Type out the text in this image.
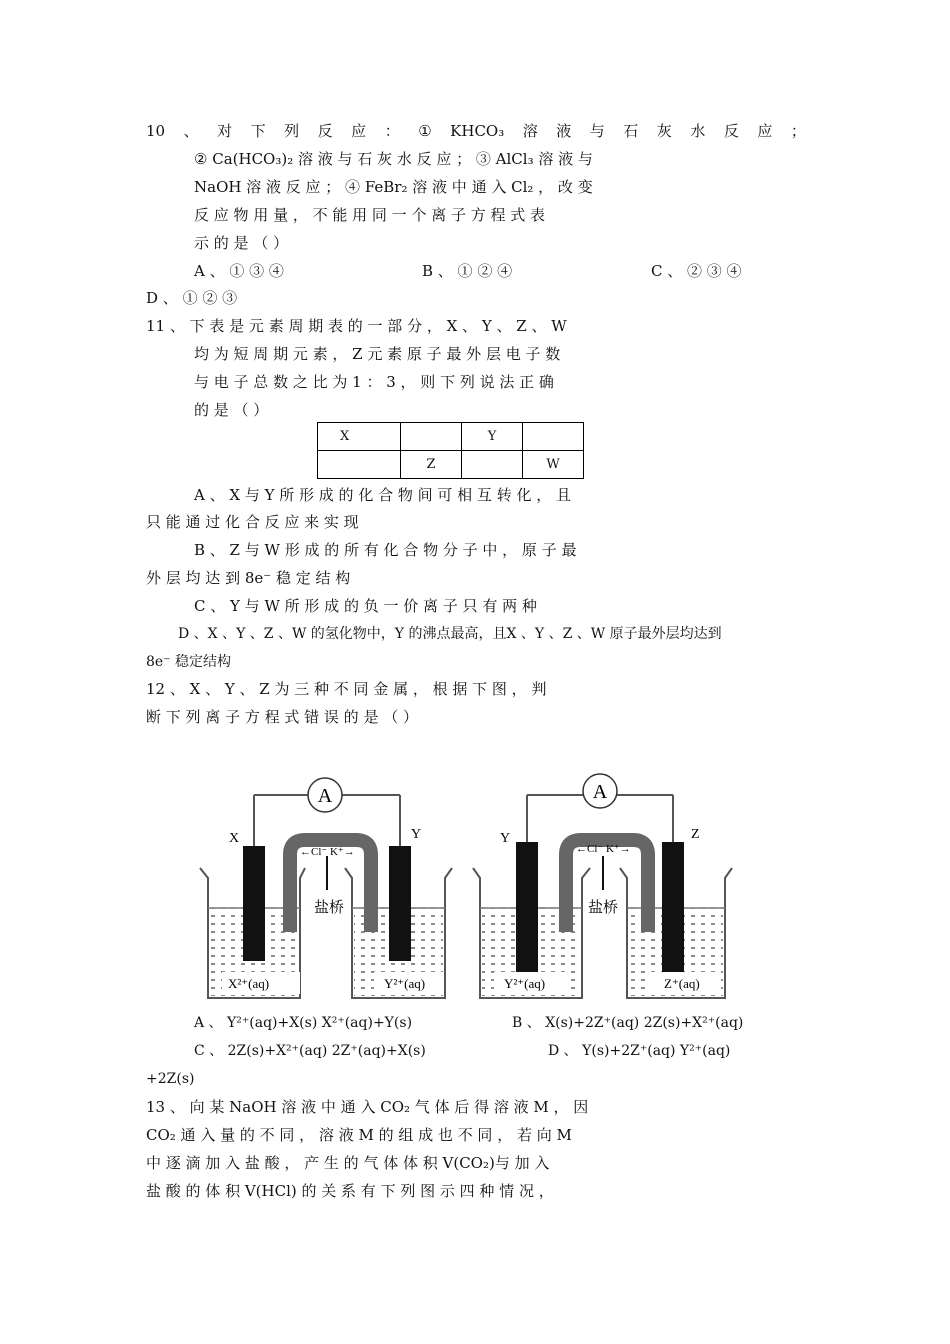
10 、 对 下 列 反 应 ： ① KHCO₃ 溶 液 与 石 灰 水 反 应 ；
② Ca(HCO₃)₂ 溶 液 与 石 灰 水 反 应 ； ③ AlCl₃ 溶 液 与
NaOH 溶 液 反 应 ； ④ FeBr₂ 溶 液 中 通 入 Cl₂ ， 改 变
反 应 物 用 量 ， 不 能 用 同 一 个 离 子 方 程 式 表
示 的 是 （ ）
A 、 ① ③ ④	B 、 ① ② ④	C 、 ② ③ ④
D 、 ① ② ③
11 、 下 表 是 元 素 周 期 表 的 一 部 分 ， X 、 Y 、 Z 、 W
均 为 短 周 期 元 素 ， Z 元 素 原 子 最 外 层 电 子 数
与 电 子 总 数 之 比 为 1 ： 3 ， 则 下 列 说 法 正 确
的 是 （ ）
X		Y	
	Z		W
A 、 X 与 Y 所 形 成 的 化 合 物 间 可 相 互 转 化 ， 且
只 能 通 过 化 合 反 应 来 实 现
B 、 Z 与 W 形 成 的 所 有 化 合 物 分 子 中 ， 原 子 最
外 层 均 达 到 8e⁻ 稳 定 结 构
C 、 Y 与 W 所 形 成 的 负 一 价 离 子 只 有 两 种
D 、X 、Y 、Z 、W 的氢化物中，Y 的沸点最高，且X 、Y 、Z 、W 原子最外层均达到
8e⁻ 稳定结构
12 、 X 、 Y 、 Z 为 三 种 不 同 金 属 ， 根 据 下 图 ， 判
断 下 列 离 子 方 程 式 错 误 的 是 （ ）
A
X	Y
←Cl⁻ K⁺→
盐桥
X²⁺(aq)	Y²⁺(aq)
A
Y	Z
←Cl⁻ K⁺→
盐桥
Y²⁺(aq)	Z⁺(aq)
A 、 Y²⁺(aq)+X(s) X²⁺(aq)+Y(s)	B 、 X(s)+2Z⁺(aq) 2Z(s)+X²⁺(aq)
C 、 2Z(s)+X²⁺(aq) 2Z⁺(aq)+X(s)	D 、 Y(s)+2Z⁺(aq) Y²⁺(aq)
+2Z(s)
13 、 向 某 NaOH 溶 液 中 通 入 CO₂ 气 体 后 得 溶 液 M ， 因
CO₂ 通 入 量 的 不 同 ， 溶 液 M 的 组 成 也 不 同 ， 若 向 M
中 逐 滴 加 入 盐 酸 ， 产 生 的 气 体 体 积 V(CO₂)与 加 入
盐 酸 的 体 积 V(HCl) 的 关 系 有 下 列 图 示 四 种 情 况 ，
